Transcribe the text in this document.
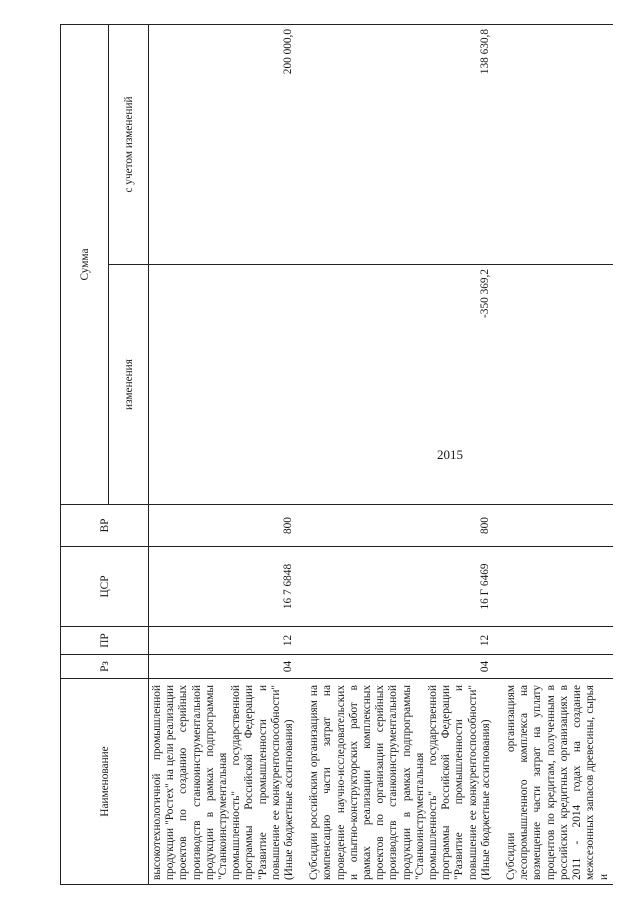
2015
Наименование	Рз	ПР	ЦСР	ВР	Сумма	
					изменения	с учетом изменений
высокотехнологичной промышленной продукции "Ростех" на цели реализации проектов по созданию серийных производств станкоинструментальной продукции в рамках подпрограммы "Станкоинструментальная промышленность" государственной программы Российской Федерации "Развитие промышленности и повышение ее конкурентоспособности" (Иные бюджетные ассигнования)	04	12	16 7 6848	800		200 000,0
Субсидии российским организациям на компенсацию части затрат на проведение научно-исследовательских и опытно-конструкторских работ в рамках реализации комплексных проектов по организации серийных производств станкоинструментальной продукции в рамках подпрограммы "Станкоинструментальная промышленность" государственной программы Российской Федерации "Развитие промышленности и повышение ее конкурентоспособности" (Иные бюджетные ассигнования)	04	12	16 Г 6469	800	-350 369,2	138 630,8
Субсидии организациям лесопромышленного комплекса на возмещение части затрат на уплату процентов по кредитам, полученным в российских кредитных организациях в 2011 - 2014 годах на создание межсезонных запасов древесины, сырья и						
